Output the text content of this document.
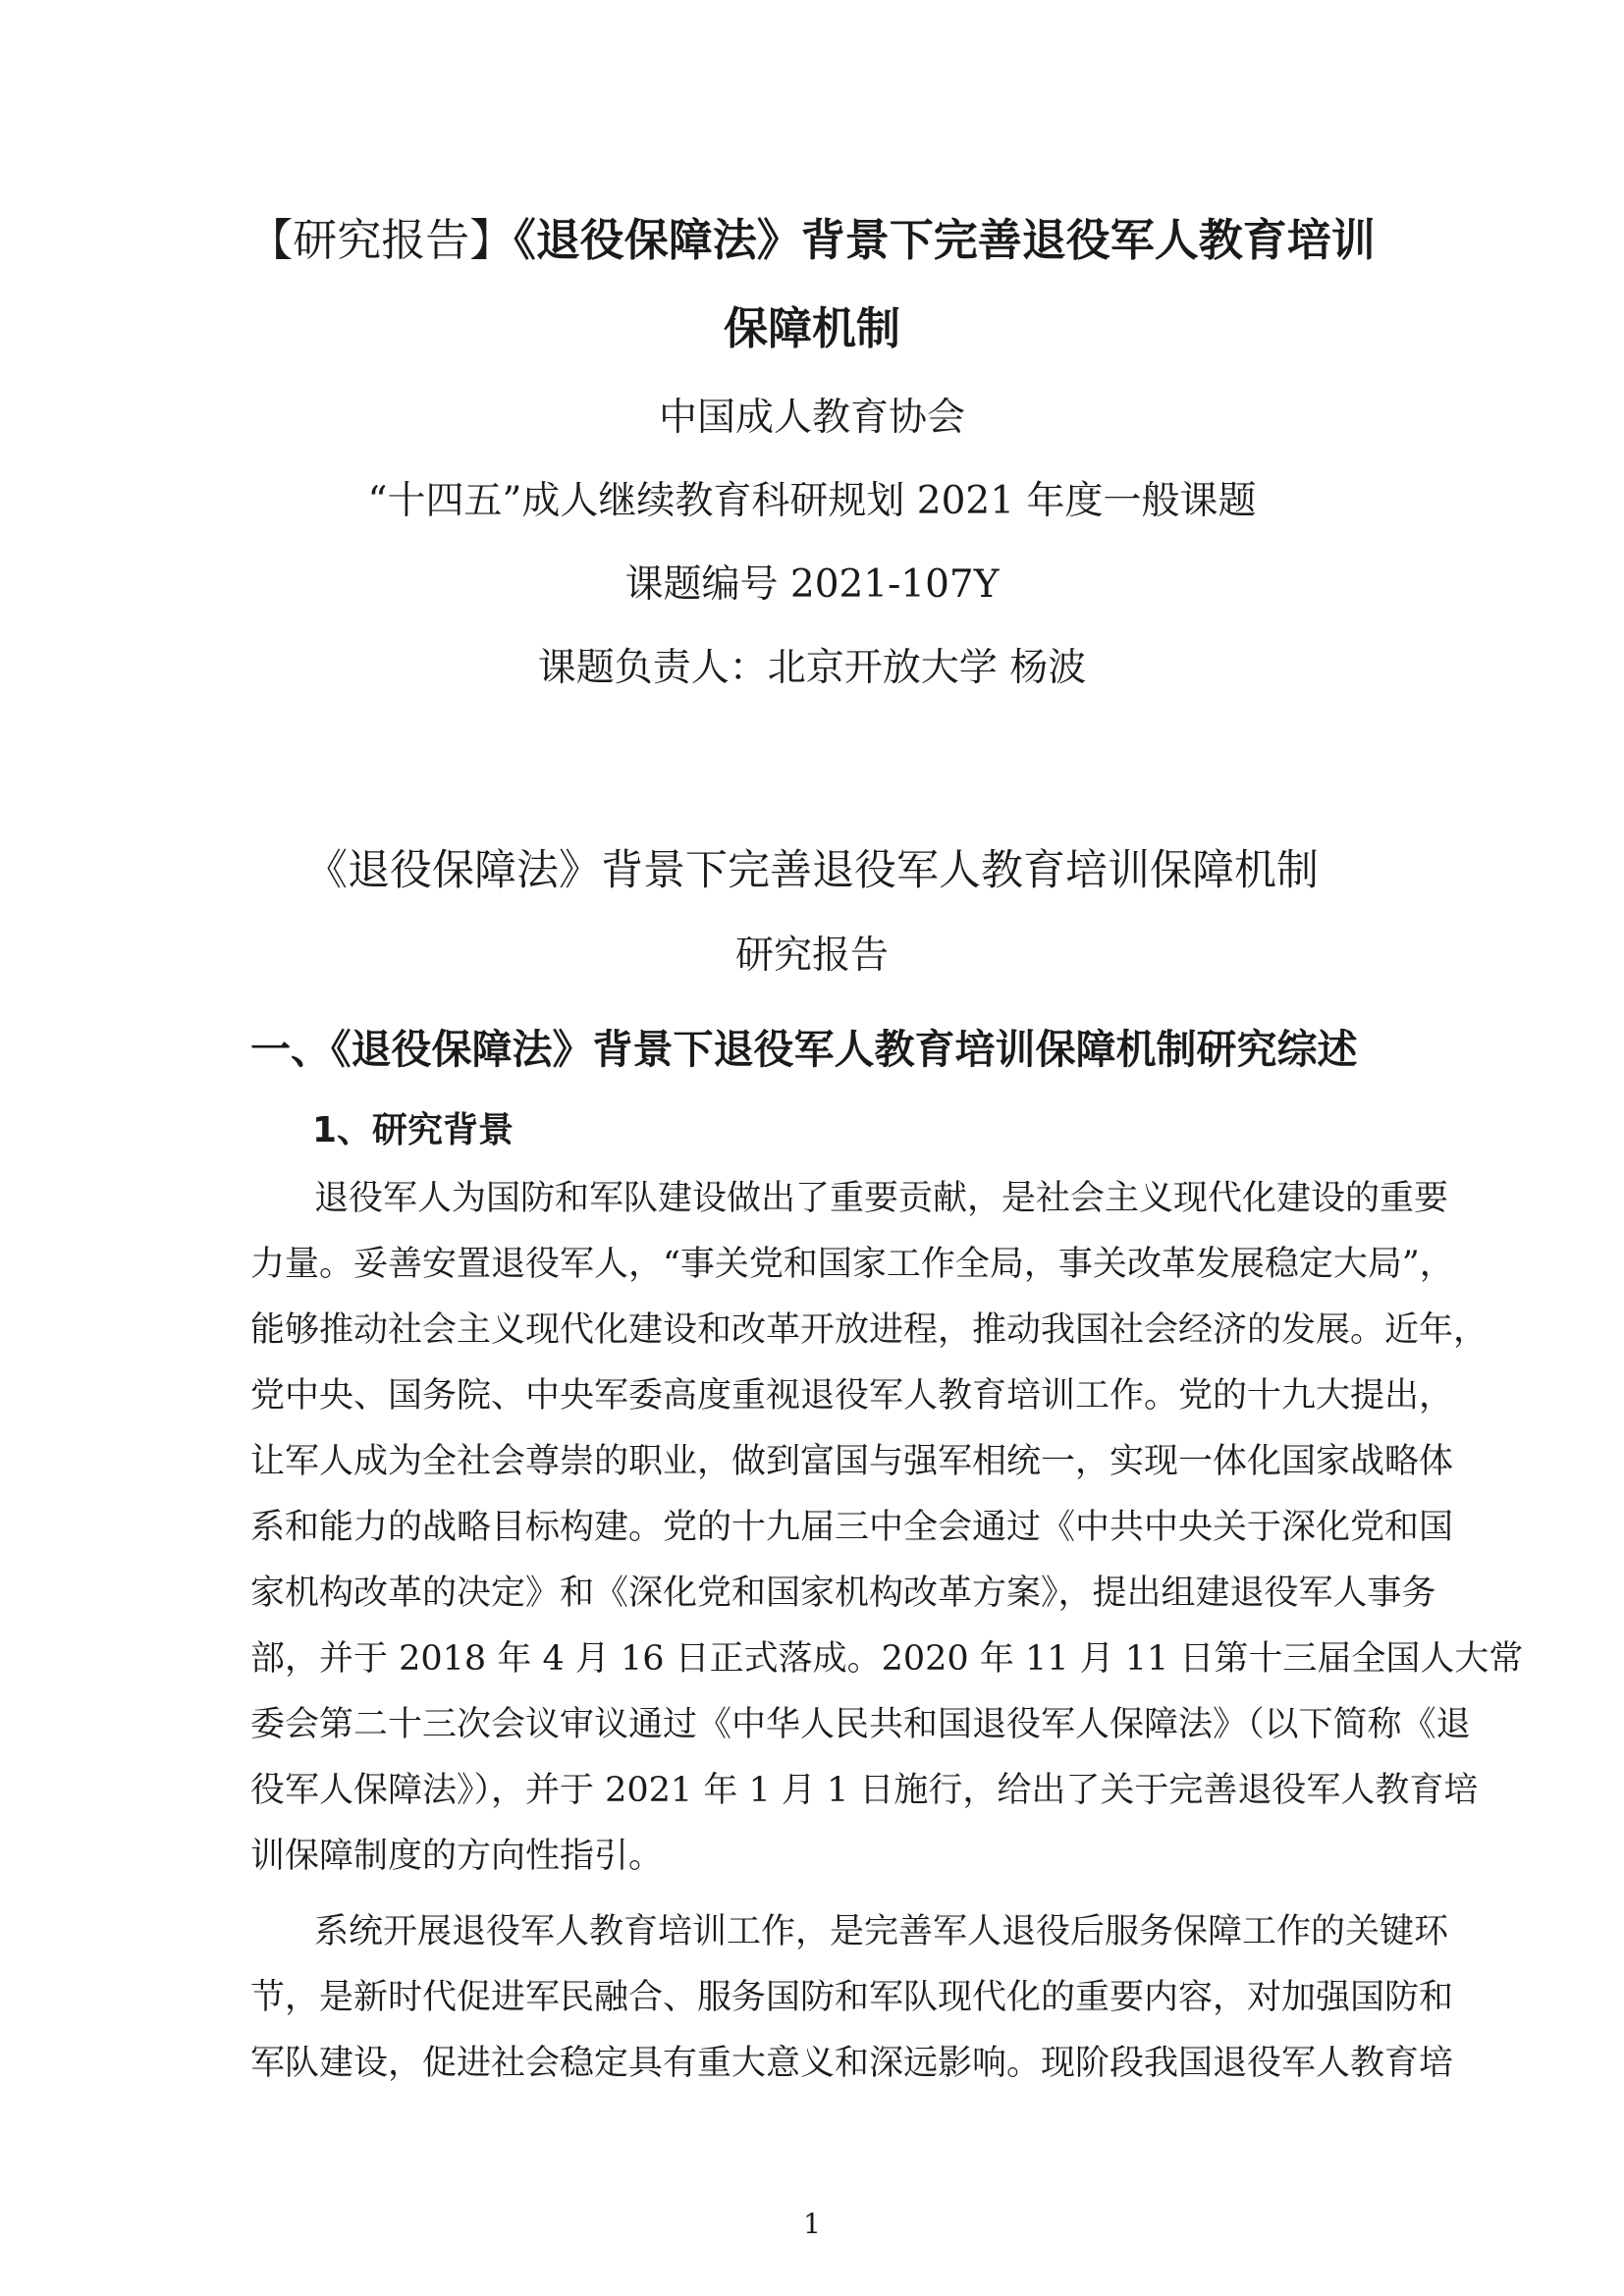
【研究报告】《退役保障法》背景下完善退役军人教育培训
保障机制
中国成人教育协会
“十四五”成人继续教育科研规划 2021 年度一般课题
课题编号 2021-107Y
课题负责人：北京开放大学 杨波
《退役保障法》背景下完善退役军人教育培训保障机制
研究报告
一、《退役保障法》背景下退役军人教育培训保障机制研究综述
1、研究背景
退役军人为国防和军队建设做出了重要贡献，是社会主义现代化建设的重要
力量。妥善安置退役军人，“事关党和国家工作全局，事关改革发展稳定大局”，
能够推动社会主义现代化建设和改革开放进程，推动我国社会经济的发展。近年，
党中央、国务院、中央军委高度重视退役军人教育培训工作。党的十九大提出，
让军人成为全社会尊崇的职业，做到富国与强军相统一，实现一体化国家战略体
系和能力的战略目标构建。党的十九届三中全会通过《中共中央关于深化党和国
家机构改革的决定》和《深化党和国家机构改革方案》，提出组建退役军人事务
部，并于 2018 年 4 月 16 日正式落成。2020 年 11 月 11 日第十三届全国人大常
委会第二十三次会议审议通过《中华人民共和国退役军人保障法》（以下简称《退
役军人保障法》），并于 2021 年 1 月 1 日施行，给出了关于完善退役军人教育培
训保障制度的方向性指引。
系统开展退役军人教育培训工作，是完善军人退役后服务保障工作的关键环
节，是新时代促进军民融合、服务国防和军队现代化的重要内容，对加强国防和
军队建设，促进社会稳定具有重大意义和深远影响。现阶段我国退役军人教育培
1
